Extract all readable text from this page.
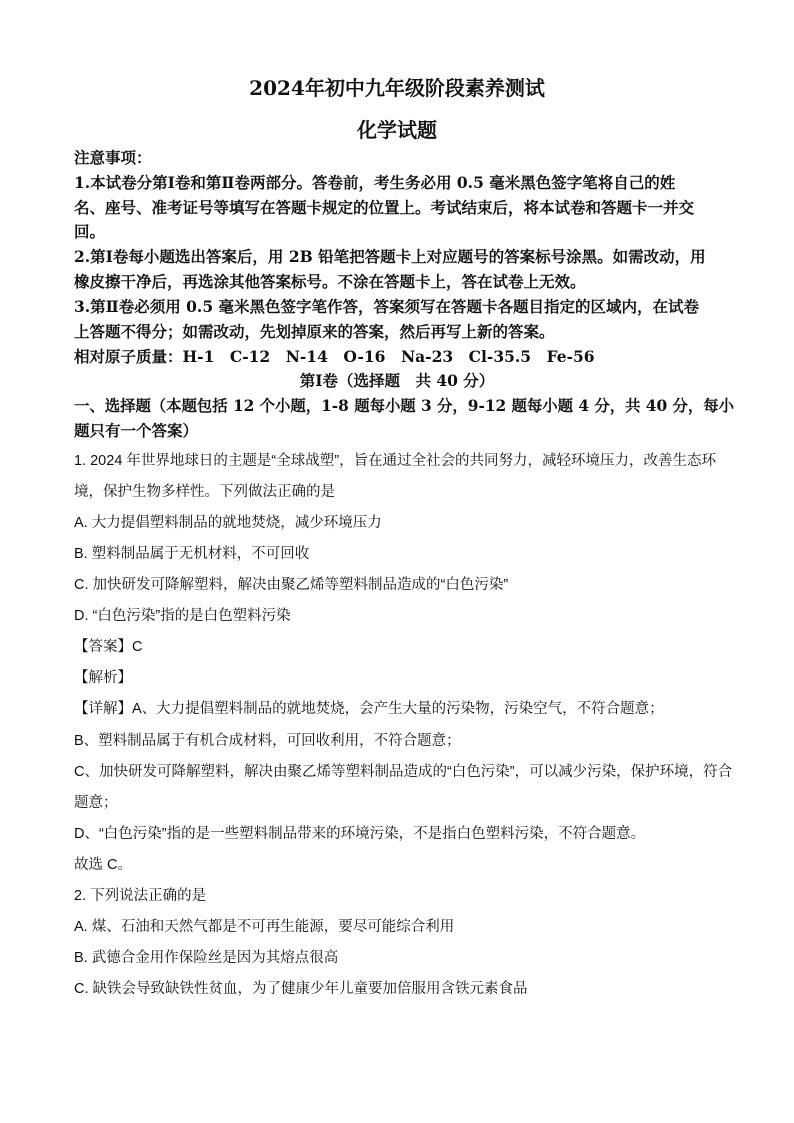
2024年初中九年级阶段素养测试
化学试题
注意事项：
1.本试卷分第Ⅰ卷和第Ⅱ卷两部分。答卷前，考生务必用 0.5 毫米黑色签字笔将自己的姓
名、座号、准考证号等填写在答题卡规定的位置上。考试结束后，将本试卷和答题卡一并交
回。
2.第Ⅰ卷每小题选出答案后，用 2B 铅笔把答题卡上对应题号的答案标号涂黑。如需改动，用
橡皮擦干净后，再选涂其他答案标号。不涂在答题卡上，答在试卷上无效。
3.第Ⅱ卷必须用 0.5 毫米黑色签字笔作答，答案须写在答题卡各题目指定的区域内，在试卷
上答题不得分；如需改动，先划掉原来的答案，然后再写上新的答案。
相对原子质量：H-1　C-12　N-14　O-16　Na-23　Cl-35.5　Fe-56
第Ⅰ卷（选择题　共 40 分）
一、选择题（本题包括 12 个小题，1-8 题每小题 3 分，9-12 题每小题 4 分，共 40 分，每小
题只有一个答案）
1. 2024 年世界地球日的主题是“全球战塑”，旨在通过全社会的共同努力，减轻环境压力，改善生态环
境，保护生物多样性。下列做法正确的是
A. 大力提倡塑料制品的就地焚烧，减少环境压力
B. 塑料制品属于无机材料，不可回收
C. 加快研发可降解塑料，解决由聚乙烯等塑料制品造成的“白色污染”
D. “白色污染”指的是白色塑料污染
【答案】C
【解析】
【详解】A、大力提倡塑料制品的就地焚烧，会产生大量的污染物，污染空气，不符合题意；
B、塑料制品属于有机合成材料，可回收利用，不符合题意；
C、加快研发可降解塑料，解决由聚乙烯等塑料制品造成的“白色污染”，可以减少污染，保护环境，符合
题意；
D、“白色污染”指的是一些塑料制品带来的环境污染，不是指白色塑料污染，不符合题意。
故选 C。
2. 下列说法正确的是
A. 煤、石油和天然气都是不可再生能源，要尽可能综合利用
B. 武德合金用作保险丝是因为其熔点很高
C. 缺铁会导致缺铁性贫血，为了健康少年儿童要加倍服用含铁元素食品
